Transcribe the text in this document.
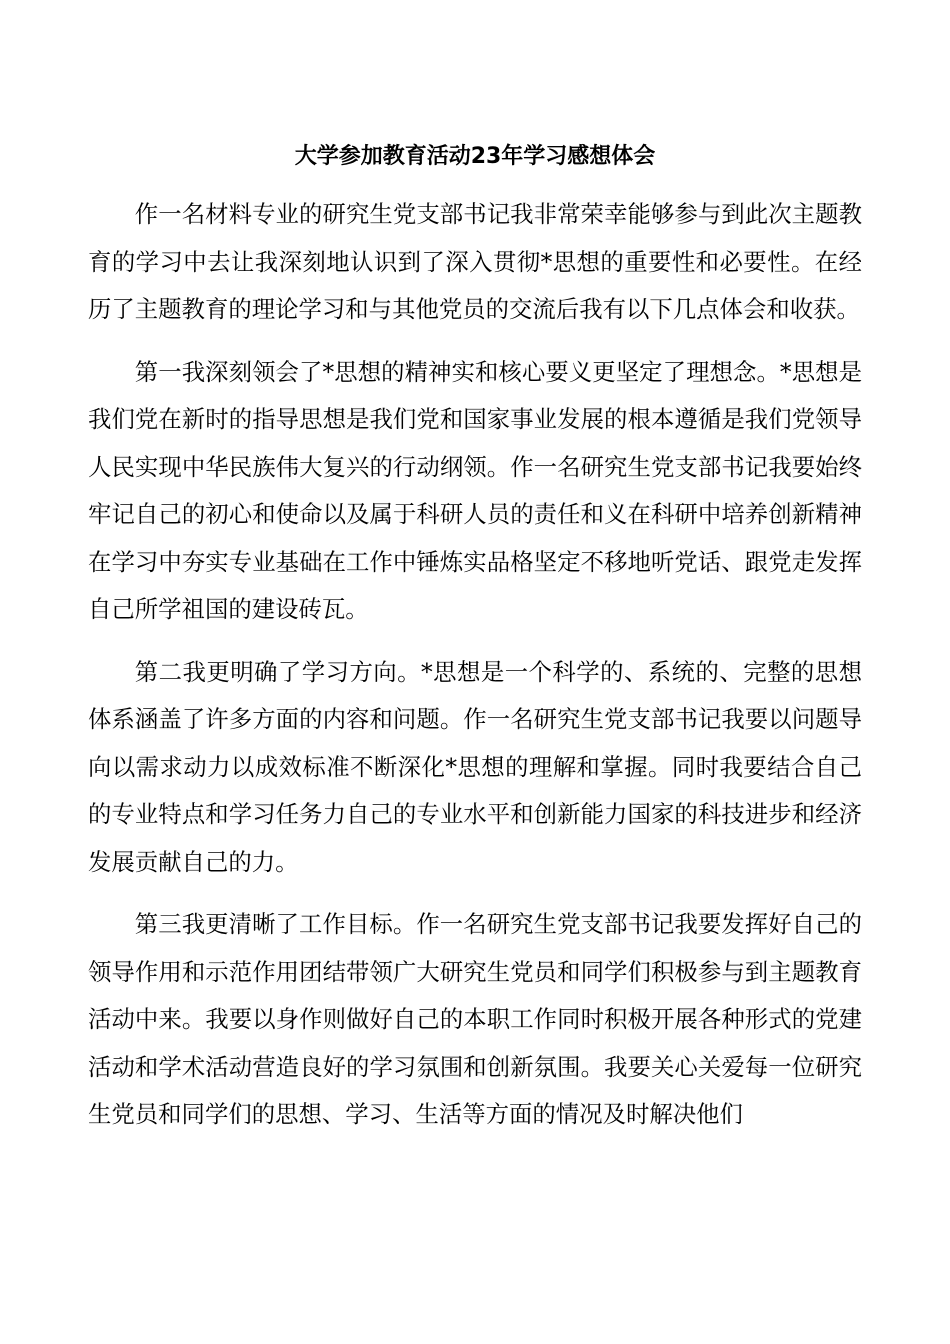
大学参加教育活动23年学习感想体会

作一名材料专业的研究生党支部书记我非常荣幸能够参与到此次主题教育的学习中去让我深刻地认识到了深入贯彻*思想的重要性和必要性。在经历了主题教育的理论学习和与其他党员的交流后我有以下几点体会和收获。

第一我深刻领会了*思想的精神实和核心要义更坚定了理想念。*思想是我们党在新时的指导思想是我们党和国家事业发展的根本遵循是我们党领导人民实现中华民族伟大复兴的行动纲领。作一名研究生党支部书记我要始终牢记自己的初心和使命以及属于科研人员的责任和义在科研中培养创新精神在学习中夯实专业基础在工作中锤炼实品格坚定不移地听党话、跟党走发挥自己所学祖国的建设砖瓦。

第二我更明确了学习方向。*思想是一个科学的、系统的、完整的思想体系涵盖了许多方面的内容和问题。作一名研究生党支部书记我要以问题导向以需求动力以成效标准不断深化*思想的理解和掌握。同时我要结合自己的专业特点和学习任务力自己的专业水平和创新能力国家的科技进步和经济发展贡献自己的力。

第三我更清晰了工作目标。作一名研究生党支部书记我要发挥好自己的领导作用和示范作用团结带领广大研究生党员和同学们积极参与到主题教育活动中来。我要以身作则做好自己的本职工作同时积极开展各种形式的党建活动和学术活动营造良好的学习氛围和创新氛围。我要关心关爱每一位研究生党员和同学们的思想、学习、生活等方面的情况及时解决他们
